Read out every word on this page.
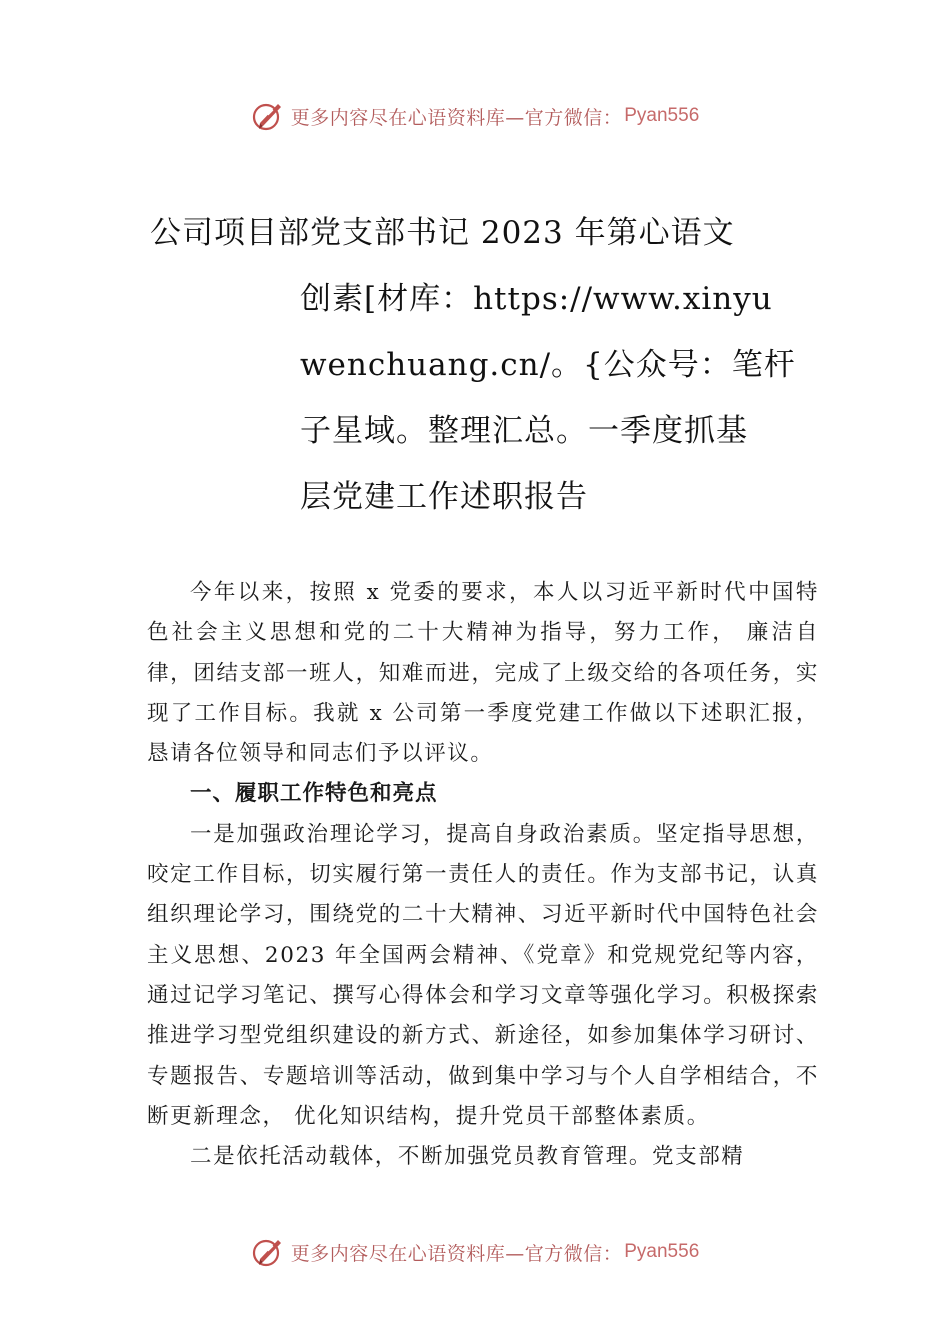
更多内容尽在心语资料库—官方微信： Pyan556
公司项目部党支部书记 2023 年第心语文
创素[材库：https://www.xinyu
wenchuang.cn/。{公众号：笔杆
子星域。整理汇总。一季度抓基
层党建工作述职报告

今年以来，按照 x 党委的要求，本人以习近平新时代中国特色社会主义思想和党的二十大精神为指导，努力工作， 廉洁自律，团结支部一班人，知难而进，完成了上级交给的各项任务，实现了工作目标。我就 x 公司第一季度党建工作做以下述职汇报，恳请各位领导和同志们予以评议。

一、履职工作特色和亮点

一是加强政治理论学习，提高自身政治素质。坚定指导思想，咬定工作目标，切实履行第一责任人的责任。作为支部书记，认真组织理论学习，围绕党的二十大精神、习近平新时代中国特色社会主义思想、2023 年全国两会精神、《党章》和党规党纪等内容，通过记学习笔记、撰写心得体会和学习文章等强化学习。积极探索推进学习型党组织建设的新方式、新途径，如参加集体学习研讨、专题报告、专题培训等活动，做到集中学习与个人自学相结合，不断更新理念， 优化知识结构，提升党员干部整体素质。

二是依托活动载体，不断加强党员教育管理。党支部精

更多内容尽在心语资料库—官方微信： Pyan556
